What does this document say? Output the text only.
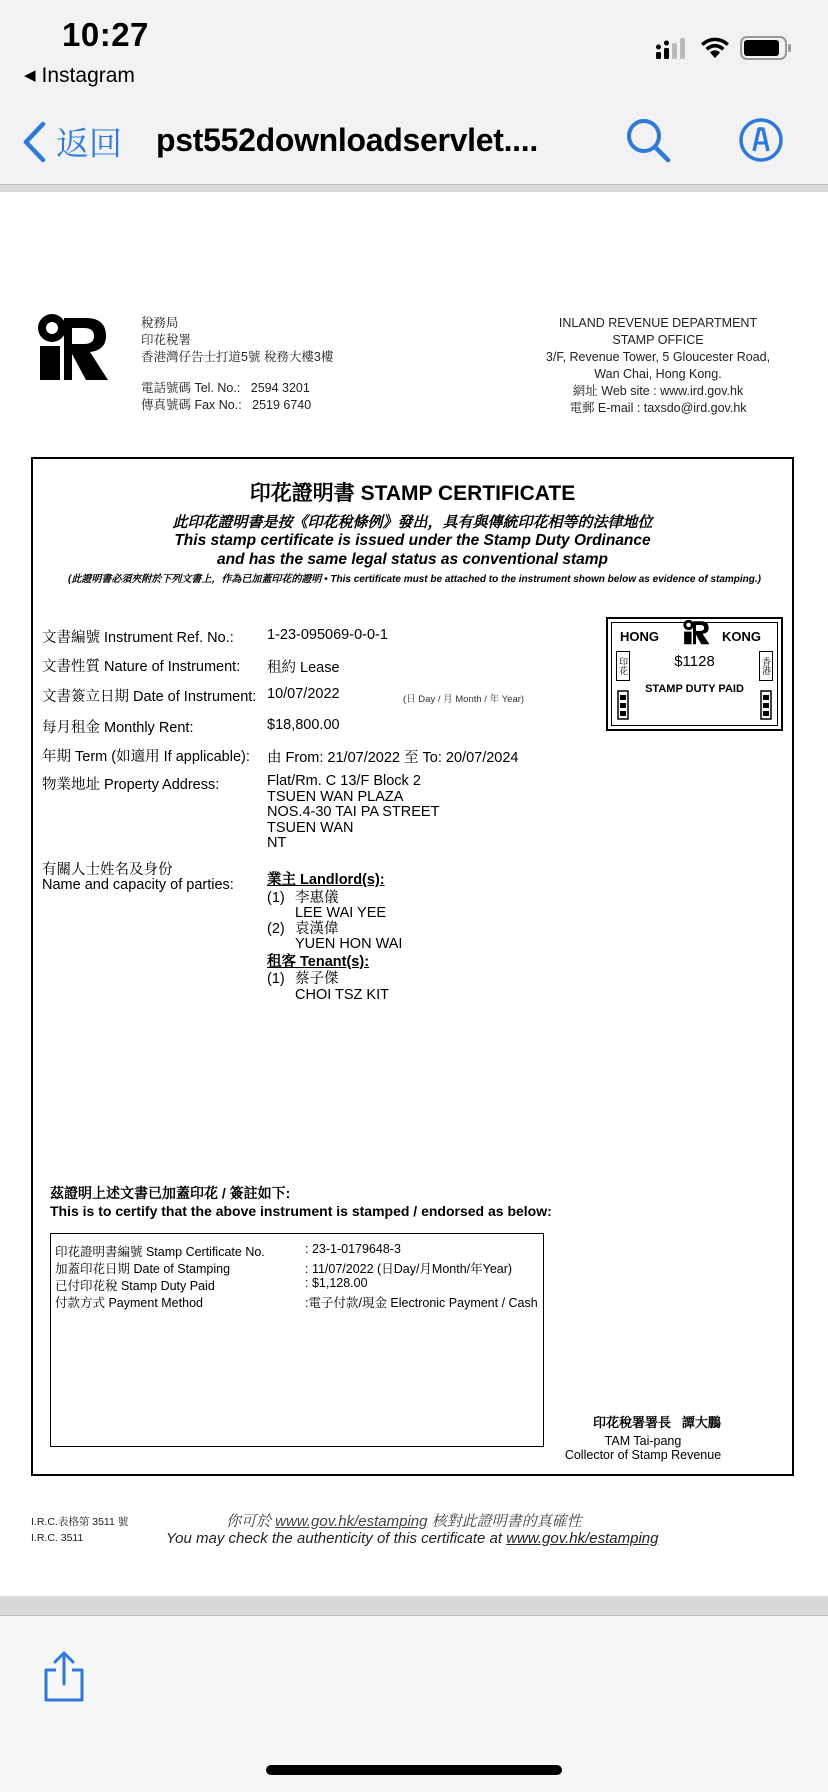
10:27
◀ Instagram
返回 pst552downloadservlet....
稅務局
印花稅署
香港灣仔告士打道5號 稅務大樓3樓
電話號碼 Tel. No.:   2594 3201
傳真號碼 Fax No.:   2519 6740
INLAND REVENUE DEPARTMENT
STAMP OFFICE
3/F, Revenue Tower, 5 Gloucester Road,
Wan Chai, Hong Kong.
網址 Web site : www.ird.gov.hk
電郵 E-mail : taxsdo@ird.gov.hk
印花證明書 STAMP CERTIFICATE
此印花證明書是按《印花稅條例》發出，具有與傳統印花相等的法律地位
This stamp certificate is issued under the Stamp Duty Ordinance
and has the same legal status as conventional stamp
(此證明書必須夾附於下列文書上，作為已加蓋印花的證明 • This certificate must be attached to the instrument shown below as evidence of stamping.)
文書編號 Instrument Ref. No.: 1-23-095069-0-0-1
文書性質 Nature of Instrument: 租約 Lease
文書簽立日期 Date of Instrument: 10/07/2022	(日 Day / 月 Month / 年 Year)
每月租金 Monthly Rent:	$18,800.00
年期 Term (如適用 If applicable): 由 From: 21/07/2022 至 To: 20/07/2024
物業地址 Property Address:	Flat/Rm. C 13/F Block 2
TSUEN WAN PLAZA
NOS.4-30 TAI PA STREET
TSUEN WAN
NT
有關人士姓名及身份
Name and capacity of parties: 業主 Landlord(s):
(1) 李惠儀
LEE WAI YEE
(2) 袁漢偉
YUEN HON WAI
租客 Tenant(s):
(1) 蔡子傑
CHOI TSZ KIT
HONG	KONG
印花	香港
$1128
STAMP DUTY PAID
茲證明上述文書已加蓋印花 / 簽註如下:
This is to certify that the above instrument is stamped / endorsed as below:
印花證明書編號 Stamp Certificate No.	: 23-1-0179648-3
加蓋印花日期 Date of Stamping	: 11/07/2022 (日Day/月Month/年Year)
已付印花稅 Stamp Duty Paid	: $1,128.00
付款方式 Payment Method	:電子付款/現金 Electronic Payment / Cash
印花稅署署長   譚大鵬
TAM Tai-pang
Collector of Stamp Revenue
I.R.C.表格第 3511 號
I.R.C. 3511
你可於 www.gov.hk/estamping 核對此證明書的真確性
You may check the authenticity of this certificate at www.gov.hk/estamping
